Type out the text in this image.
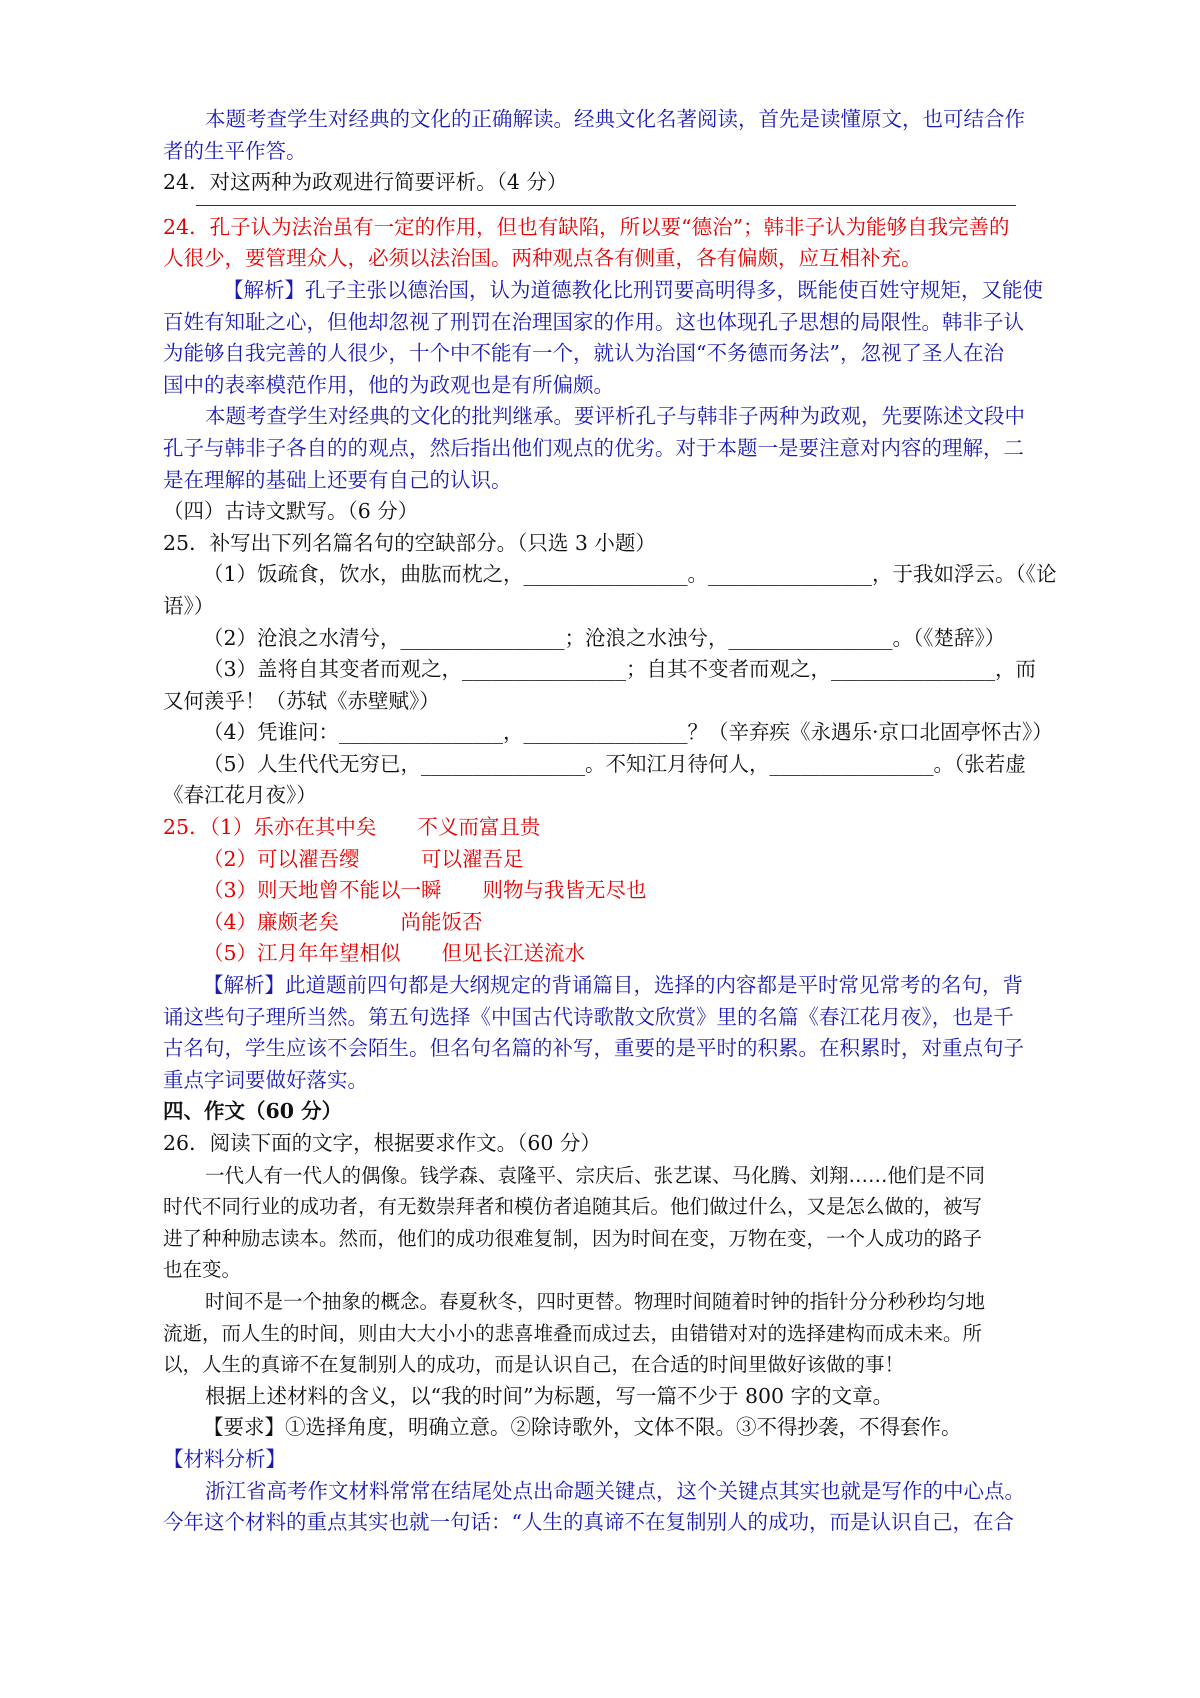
本题考查学生对经典的文化的正确解读。经典文化名著阅读，首先是读懂原文，也可结合作
者的生平作答。
24．对这两种为政观进行简要评析。（4 分）
24．孔子认为法治虽有一定的作用，但也有缺陷，所以要“德治”；韩非子认为能够自我完善的
人很少，要管理众人，必须以法治国。两种观点各有侧重，各有偏颇，应互相补充。
【解析】孔子主张以德治国，认为道德教化比刑罚要高明得多，既能使百姓守规矩，又能使
百姓有知耻之心，但他却忽视了刑罚在治理国家的作用。这也体现孔子思想的局限性。韩非子认
为能够自我完善的人很少，十个中不能有一个，就认为治国“不务德而务法”，忽视了圣人在治
国中的表率模范作用，他的为政观也是有所偏颇。
本题考查学生对经典的文化的批判继承。要评析孔子与韩非子两种为政观，先要陈述文段中
孔子与韩非子各自的的观点，然后指出他们观点的优劣。对于本题一是要注意对内容的理解，二
是在理解的基础上还要有自己的认识。
（四）古诗文默写。（6 分）
25．补写出下列名篇名句的空缺部分。（只选 3 小题）
（1）饭疏食，饮水，曲肱而枕之，________________。________________，于我如浮云。（《论
语》）
（2）沧浪之水清兮，________________；沧浪之水浊兮，________________。（《楚辞》）
（3）盖将自其变者而观之，________________；自其不变者而观之，________________，而
又何羡乎！（苏轼《赤壁赋》）
（4）凭谁问：________________，________________？（辛弃疾《永遇乐·京口北固亭怀古》）
（5）人生代代无穷已，________________。不知江月待何人，________________。（张若虚
《春江花月夜》）
25．（1）乐亦在其中矣　　不义而富且贵
（2）可以濯吾缨　　　可以濯吾足
（3）则天地曾不能以一瞬　　则物与我皆无尽也
（4）廉颇老矣　　　尚能饭否
（5）江月年年望相似　　但见长江送流水
【解析】此道题前四句都是大纲规定的背诵篇目，选择的内容都是平时常见常考的名句，背
诵这些句子理所当然。第五句选择《中国古代诗歌散文欣赏》里的名篇《春江花月夜》，也是千
古名句，学生应该不会陌生。但名句名篇的补写，重要的是平时的积累。在积累时，对重点句子
重点字词要做好落实。
四、作文（60 分）
26．阅读下面的文字，根据要求作文。（60 分）
一代人有一代人的偶像。钱学森、袁隆平、宗庆后、张艺谋、马化腾、刘翔……他们是不同
时代不同行业的成功者，有无数崇拜者和模仿者追随其后。他们做过什么，又是怎么做的，被写
进了种种励志读本。然而，他们的成功很难复制，因为时间在变，万物在变，一个人成功的路子
也在变。
时间不是一个抽象的概念。春夏秋冬，四时更替。物理时间随着时钟的指针分分秒秒均匀地
流逝，而人生的时间，则由大大小小的悲喜堆叠而成过去，由错错对对的选择建构而成未来。所
以，人生的真谛不在复制别人的成功，而是认识自己，在合适的时间里做好该做的事！
根据上述材料的含义，以“我的时间”为标题，写一篇不少于 800 字的文章。
【要求】①选择角度，明确立意。②除诗歌外，文体不限。③不得抄袭，不得套作。
【材料分析】
浙江省高考作文材料常常在结尾处点出命题关键点，这个关键点其实也就是写作的中心点。
今年这个材料的重点其实也就一句话：“人生的真谛不在复制别人的成功，而是认识自己，在合
